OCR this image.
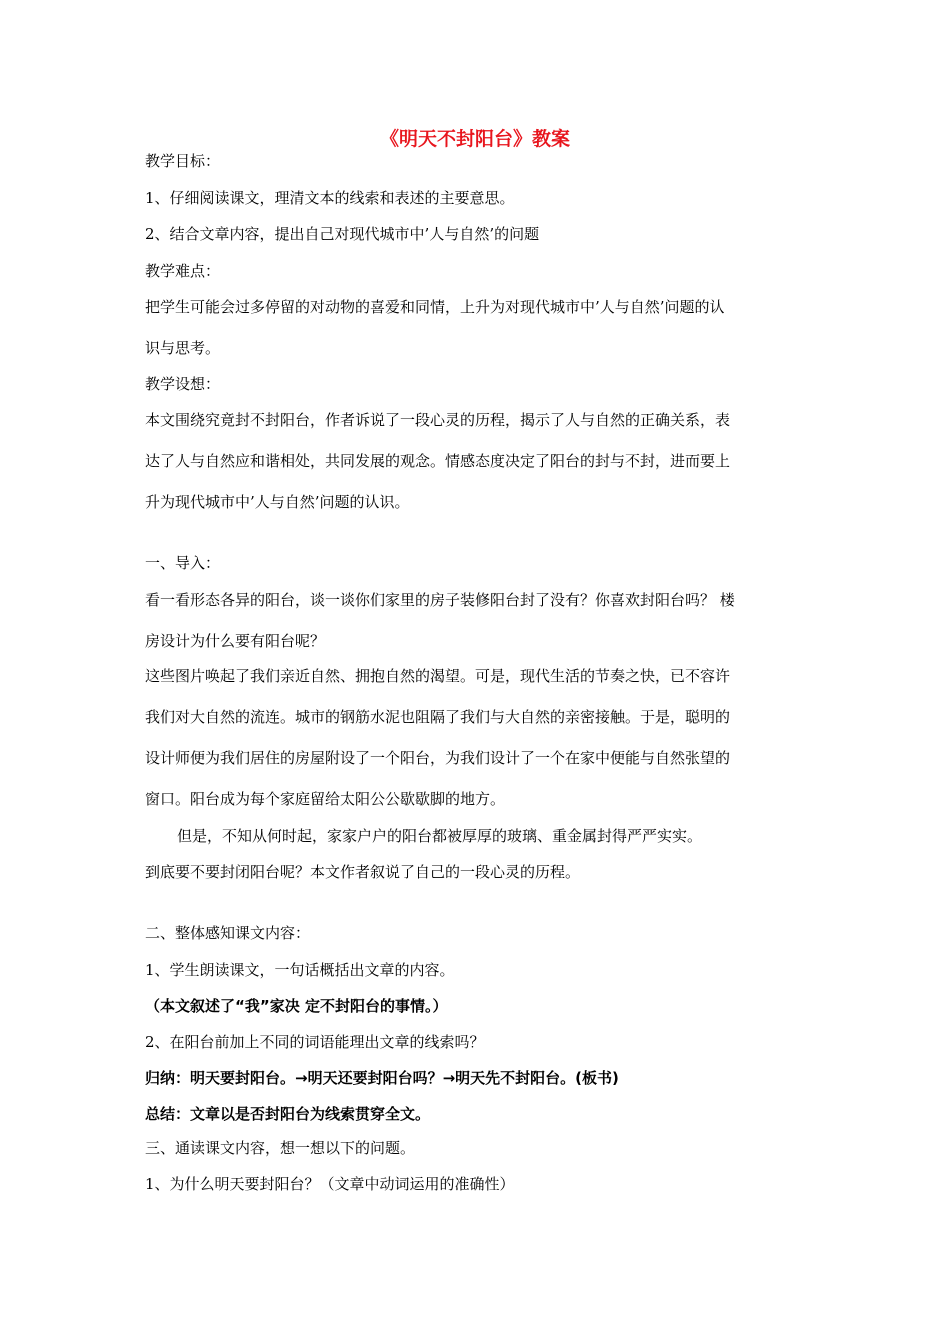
《明天不封阳台》教案
教学目标：
1、仔细阅读课文，理清文本的线索和表述的主要意思。
2、结合文章内容，提出自己对现代城市中’人与自然’的问题
教学难点：
把学生可能会过多停留的对动物的喜爱和同情，上升为对现代城市中’人与自然’问题的认
识与思考。
教学设想：
本文围绕究竟封不封阳台，作者诉说了一段心灵的历程，揭示了人与自然的正确关系，表
达了人与自然应和谐相处，共同发展的观念。情感态度决定了阳台的封与不封，进而要上
升为现代城市中’人与自然’问题的认识。
一、导入：
看一看形态各异的阳台，谈一谈你们家里的房子装修阳台封了没有？你喜欢封阳台吗？ 楼
房设计为什么要有阳台呢？
这些图片唤起了我们亲近自然、拥抱自然的渴望。可是，现代生活的节奏之快，已不容许
我们对大自然的流连。城市的钢筋水泥也阻隔了我们与大自然的亲密接触。于是，聪明的
设计师便为我们居住的房屋附设了一个阳台，为我们设计了一个在家中便能与自然张望的
窗口。阳台成为每个家庭留给太阳公公歇歇脚的地方。
但是，不知从何时起，家家户户的阳台都被厚厚的玻璃、重金属封得严严实实。
到底要不要封闭阳台呢？本文作者叙说了自己的一段心灵的历程。
二、整体感知课文内容：
1、学生朗读课文，一句话概括出文章的内容。
（本文叙述了“我”家决 定不封阳台的事情。）
2、在阳台前加上不同的词语能理出文章的线索吗？
归纳：明天要封阳台。→明天还要封阳台吗？→明天先不封阳台。(板书)
总结：文章以是否封阳台为线索贯穿全文。
三、通读课文内容，想一想以下的问题。
1、为什么明天要封阳台？（文章中动词运用的准确性）
